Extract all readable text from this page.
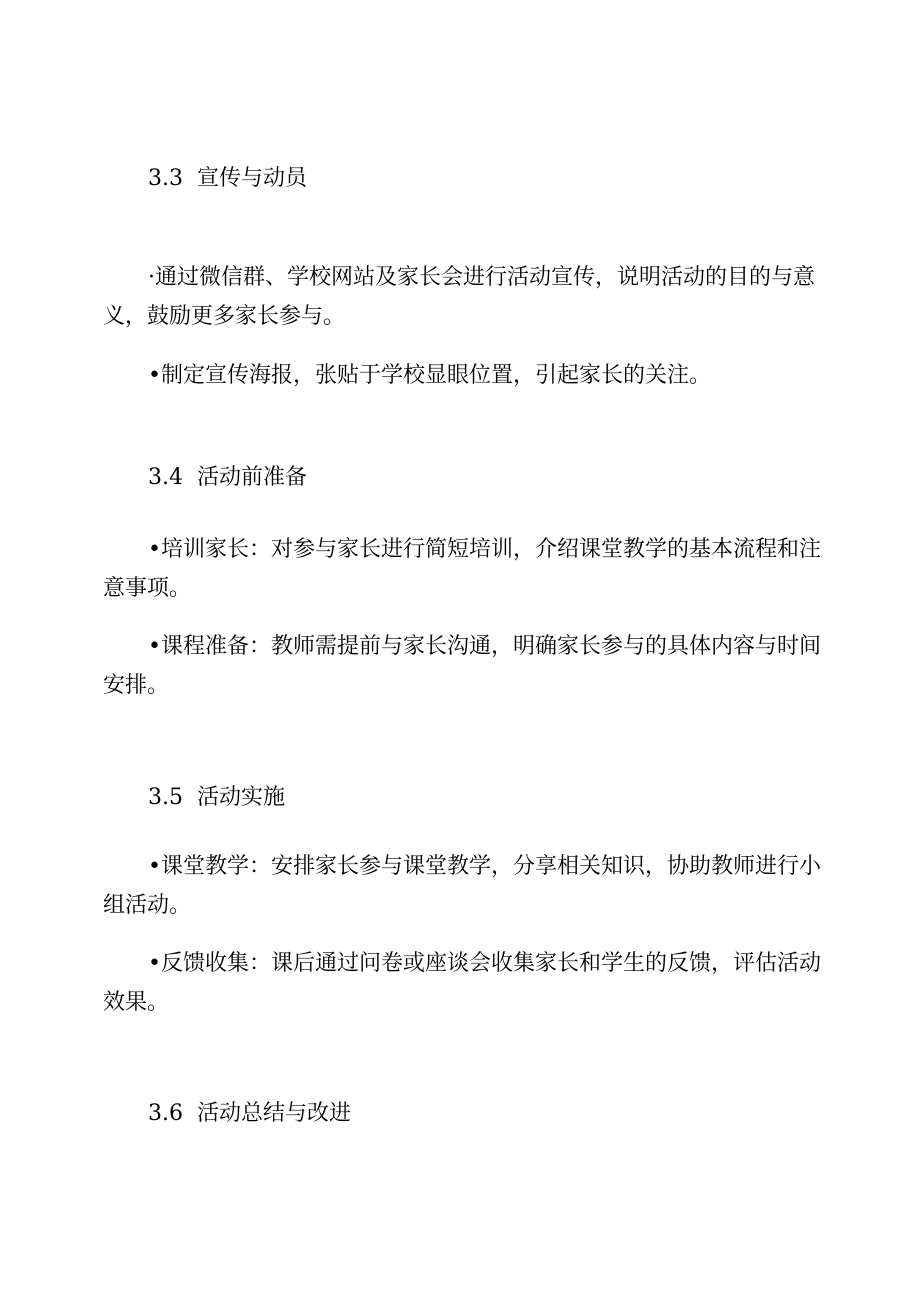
3.3 宣传与动员

·通过微信群、学校网站及家长会进行活动宣传，说明活动的目的与意义，鼓励更多家长参与。

•制定宣传海报，张贴于学校显眼位置，引起家长的关注。

3.4 活动前准备

•培训家长：对参与家长进行简短培训，介绍课堂教学的基本流程和注意事项。

•课程准备：教师需提前与家长沟通，明确家长参与的具体内容与时间安排。

3.5 活动实施

•课堂教学：安排家长参与课堂教学，分享相关知识，协助教师进行小组活动。

•反馈收集：课后通过问卷或座谈会收集家长和学生的反馈，评估活动效果。

3.6 活动总结与改进
